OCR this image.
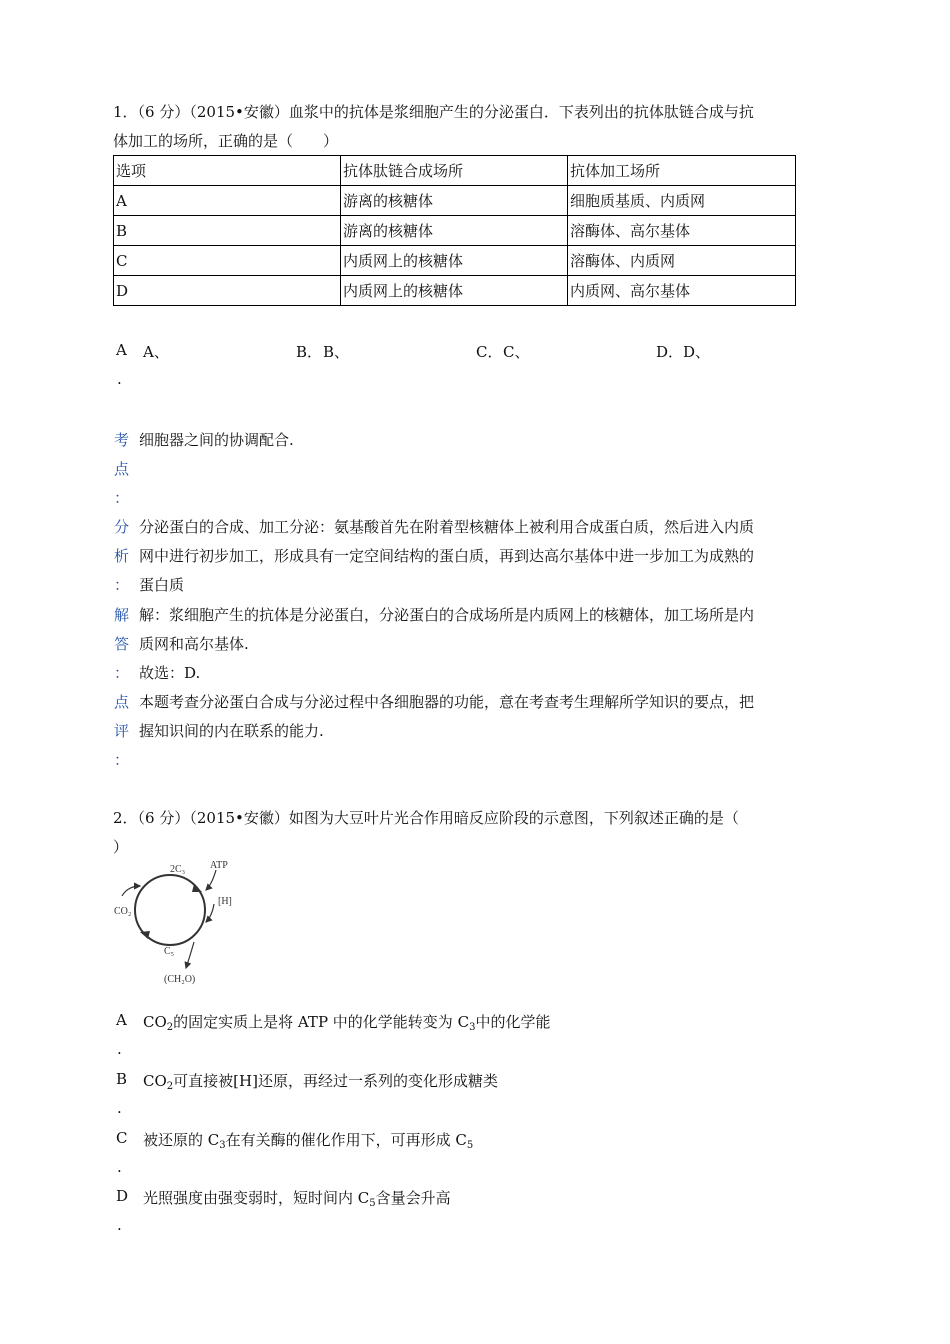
1．（6 分）（2015•安徽）血浆中的抗体是浆细胞产生的分泌蛋白．下表列出的抗体肽链合成与抗
体加工的场所，正确的是（　　）
选项	抗体肽链合成场所	抗体加工场所
A	游离的核糖体	细胞质基质、内质网
B	游离的核糖体	溶酶体、高尔基体
C	内质网上的核糖体	溶酶体、内质网
D	内质网上的核糖体	内质网、高尔基体
A A、	B． B、	C． C、	D． D、
.
考
点
：
细胞器之间的协调配合.
分
析
：
分泌蛋白的合成、加工分泌：氨基酸首先在附着型核糖体上被利用合成蛋白质，然后进入内质
网中进行初步加工，形成具有一定空间结构的蛋白质，再到达高尔基体中进一步加工为成熟的
蛋白质
解
答
：
解：浆细胞产生的抗体是分泌蛋白，分泌蛋白的合成场所是内质网上的核糖体，加工场所是内
质网和高尔基体.
故选：D.
点
评
：
本题考查分泌蛋白合成与分泌过程中各细胞器的功能，意在考查考生理解所学知识的要点，把
握知识间的内在联系的能力.
2．（6 分）（2015•安徽）如图为大豆叶片光合作用暗反应阶段的示意图，下列叙述正确的是（
）
2C₃ ATP
[H]
CO₂
C₅
(CH₂O)
A $CO_2$的固定实质上是将 ATP 中的化学能转变为 $C_3$中的化学能
.
B $CO_2$可直接被[H]还原，再经过一系列的变化形成糖类
.
C 被还原的 $C_3$在有关酶的催化作用下，可再形成 $C_5$
.
D 光照强度由强变弱时，短时间内 $C_5$含量会升高
.
